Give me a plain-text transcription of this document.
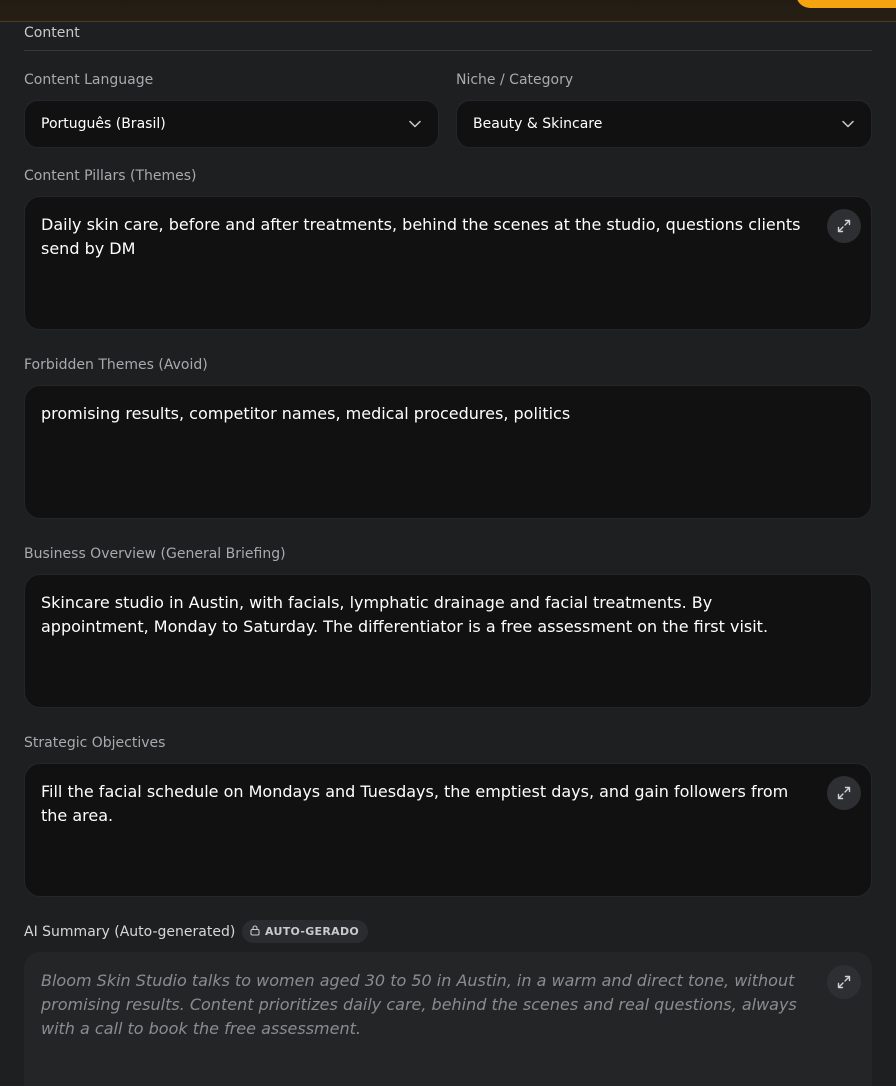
Content
Content Language
Português (Brasil)
Niche / Category
Beauty & Skincare
Content Pillars (Themes)
Daily skin care, before and after treatments, behind the scenes at the studio, questions clients send by DM
Forbidden Themes (Avoid)
promising results, competitor names, medical procedures, politics
Business Overview (General Briefing)
Skincare studio in Austin, with facials, lymphatic drainage and facial treatments. By appointment, Monday to Saturday. The differentiator is a free assessment on the first visit.
Strategic Objectives
Fill the facial schedule on Mondays and Tuesdays, the emptiest days, and gain followers from the area.
AI Summary (Auto-generated)	AUTO-GERADO
Bloom Skin Studio talks to women aged 30 to 50 in Austin, in a warm and direct tone, without promising results. Content prioritizes daily care, behind the scenes and real questions, always with a call to book the free assessment.
